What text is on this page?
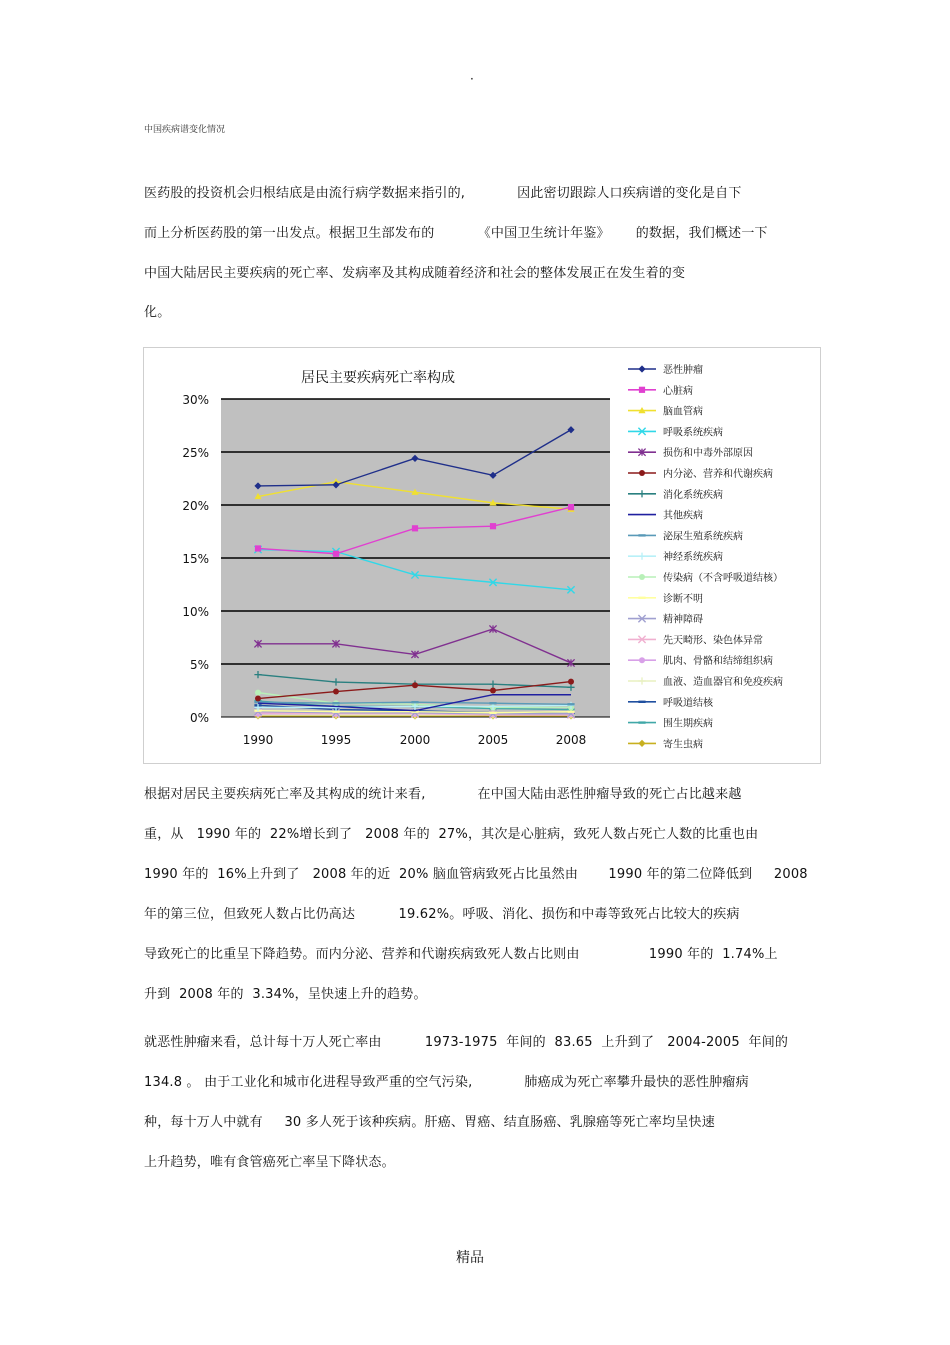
·
中国疾病谱变化情况
医药股的投资机会归根结底是由流行病学数据来指引的,            因此密切跟踪人口疾病谱的变化是自下
而上分析医药股的第一出发点。根据卫生部发布的          《中国卫生统计年鉴》      的数据，我们概述一下
中国大陆居民主要疾病的死亡率、发病率及其构成随着经济和社会的整体发展正在发生着的变
化。
居民主要疾病死亡率构成
0%
5%
10%
15%
20%
25%
30%
1990	1995	2000	2005	2008
恶性肿瘤
心脏病
脑血管病
呼吸系统疾病
损伤和中毒外部原因
内分泌、营养和代谢疾病
消化系统疾病
其他疾病
泌尿生殖系统疾病
神经系统疾病
传染病（不含呼吸道结核）
诊断不明
精神障碍
先天畸形、染色体异常
肌肉、骨骼和结缔组织病
血液、造血器官和免疫疾病
呼吸道结核
围生期疾病
寄生虫病
根据对居民主要疾病死亡率及其构成的统计来看,            在中国大陆由恶性肿瘤导致的死亡占比越来越
重，从   1990 年的  22%增长到了   2008 年的  27%，其次是心脏病，致死人数占死亡人数的比重也由
1990 年的  16%上升到了   2008 年的近  20% 脑血管病致死占比虽然由       1990 年的第二位降低到     2008
年的第三位，但致死人数占比仍高达          19.62%。呼吸、消化、损伤和中毒等致死占比较大的疾病
导致死亡的比重呈下降趋势。而内分泌、营养和代谢疾病致死人数占比则由                1990 年的  1.74%上
升到  2008 年的  3.34%，呈快速上升的趋势。
就恶性肿瘤来看，总计每十万人死亡率由          1973-1975  年间的  83.65  上升到了   2004-2005  年间的
134.8 。 由于工业化和城市化进程导致严重的空气污染,            肺癌成为死亡率攀升最快的恶性肿瘤病
种，每十万人中就有     30 多人死于该种疾病。肝癌、胃癌、结直肠癌、乳腺癌等死亡率均呈快速
上升趋势，唯有食管癌死亡率呈下降状态。
精品
